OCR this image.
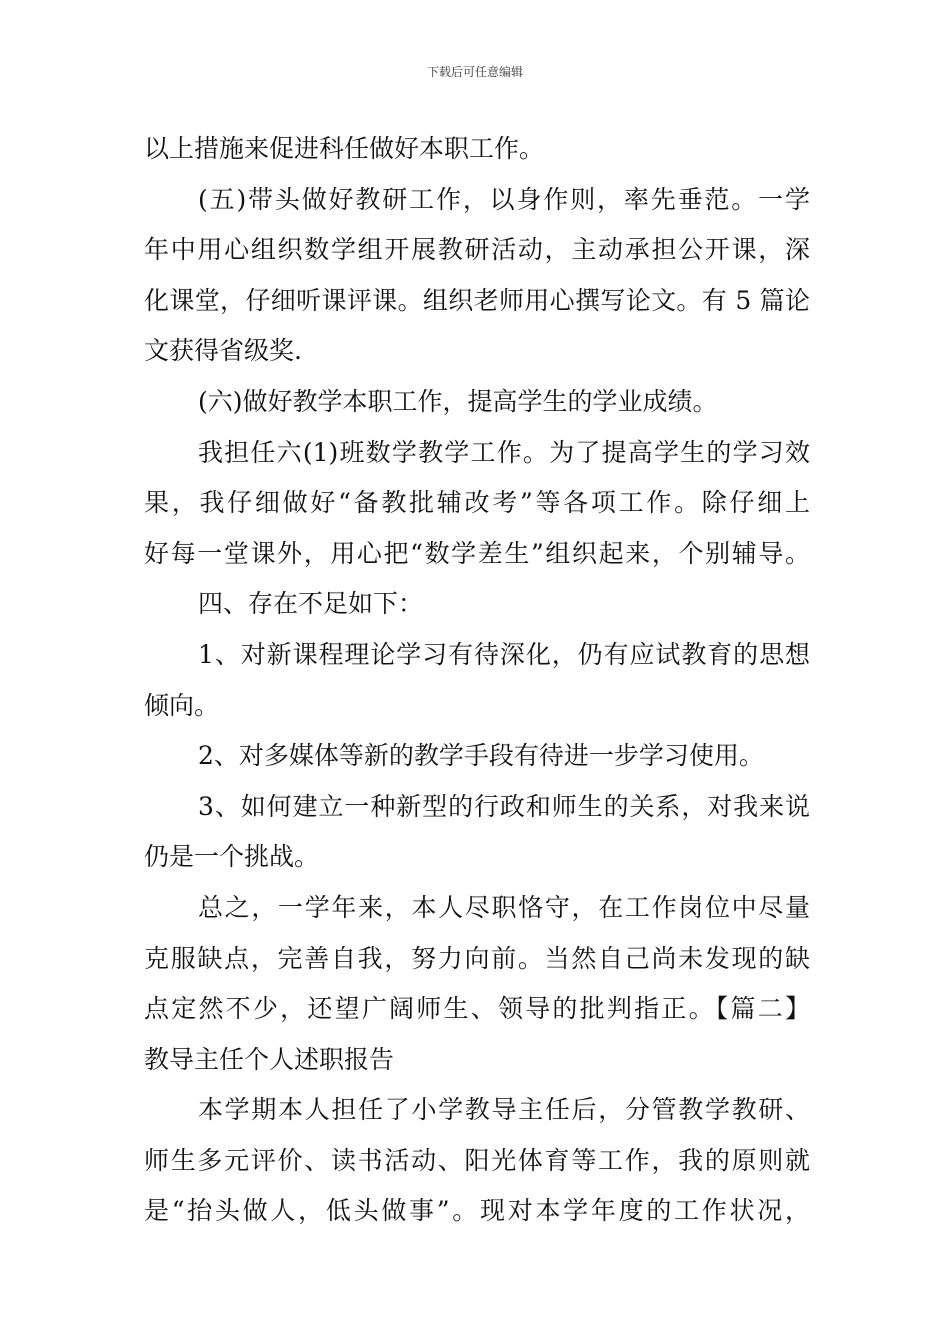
下载后可任意编辑
以上措施来促进科任做好本职工作。
(五)带头做好教研工作，以身作则，率先垂范。一学
年中用心组织数学组开展教研活动，主动承担公开课，深
化课堂，仔细听课评课。组织老师用心撰写论文。有 5 篇论
文获得省级奖.
(六)做好教学本职工作，提高学生的学业成绩。
我担任六(1)班数学教学工作。为了提高学生的学习效
果，我仔细做好“备教批辅改考”等各项工作。除仔细上
好每一堂课外，用心把“数学差生”组织起来，个别辅导。
四、存在不足如下：
1、对新课程理论学习有待深化，仍有应试教育的思想
倾向。
2、对多媒体等新的教学手段有待进一步学习使用。
3、如何建立一种新型的行政和师生的关系，对我来说
仍是一个挑战。
总之，一学年来，本人尽职恪守，在工作岗位中尽量
克服缺点，完善自我，努力向前。当然自己尚未发现的缺
点定然不少，还望广阔师生、领导的批判指正。【篇二】
教导主任个人述职报告
本学期本人担任了小学教导主任后，分管教学教研、
师生多元评价、读书活动、阳光体育等工作，我的原则就
是“抬头做人，低头做事”。现对本学年度的工作状况，
